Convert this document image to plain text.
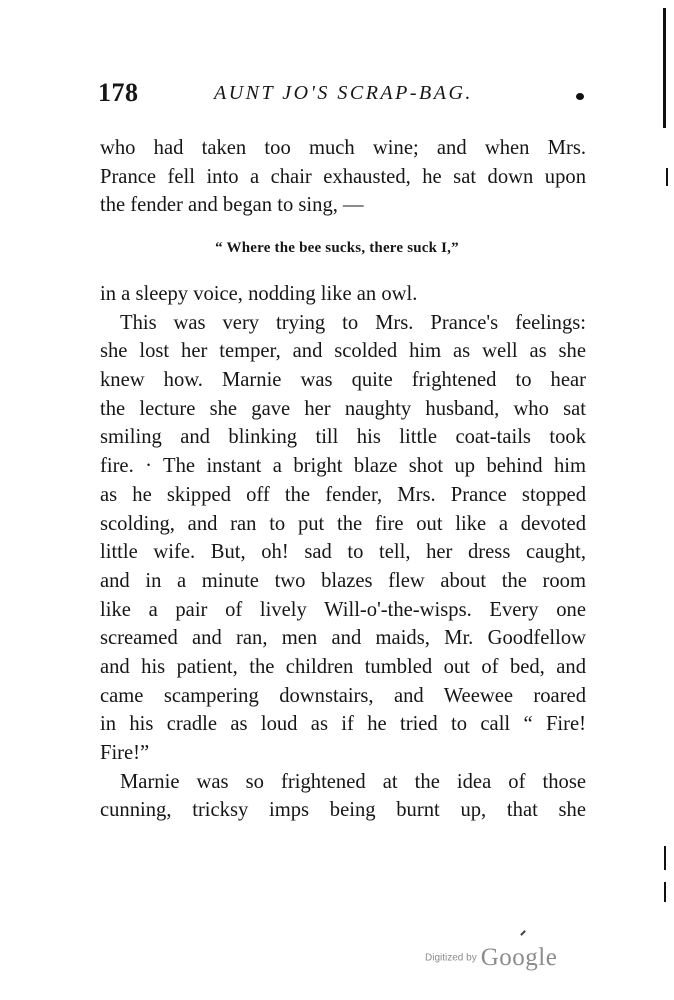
178	AUNT JO'S SCRAP-BAG.
who had taken too much wine; and when Mrs.
Prance fell into a chair exhausted, he sat down upon
the fender and began to sing, —
“ Where the bee sucks, there suck I,”
in a sleepy voice, nodding like an owl.
This was very trying to Mrs. Prance's feelings:
she lost her temper, and scolded him as well as she
knew how. Marnie was quite frightened to hear
the lecture she gave her naughty husband, who sat
smiling and blinking till his little coat-tails took
fire. · The instant a bright blaze shot up behind him
as he skipped off the fender, Mrs. Prance stopped
scolding, and ran to put the fire out like a devoted
little wife. But, oh! sad to tell, her dress caught,
and in a minute two blazes flew about the room
like a pair of lively Will-o'-the-wisps. Every one
screamed and ran, men and maids, Mr. Goodfellow
and his patient, the children tumbled out of bed, and
came scampering downstairs, and Weewee roared
in his cradle as loud as if he tried to call “ Fire!
Fire!”
Marnie was so frightened at the idea of those
cunning, tricksy imps being burnt up, that she
Digitized by Google
